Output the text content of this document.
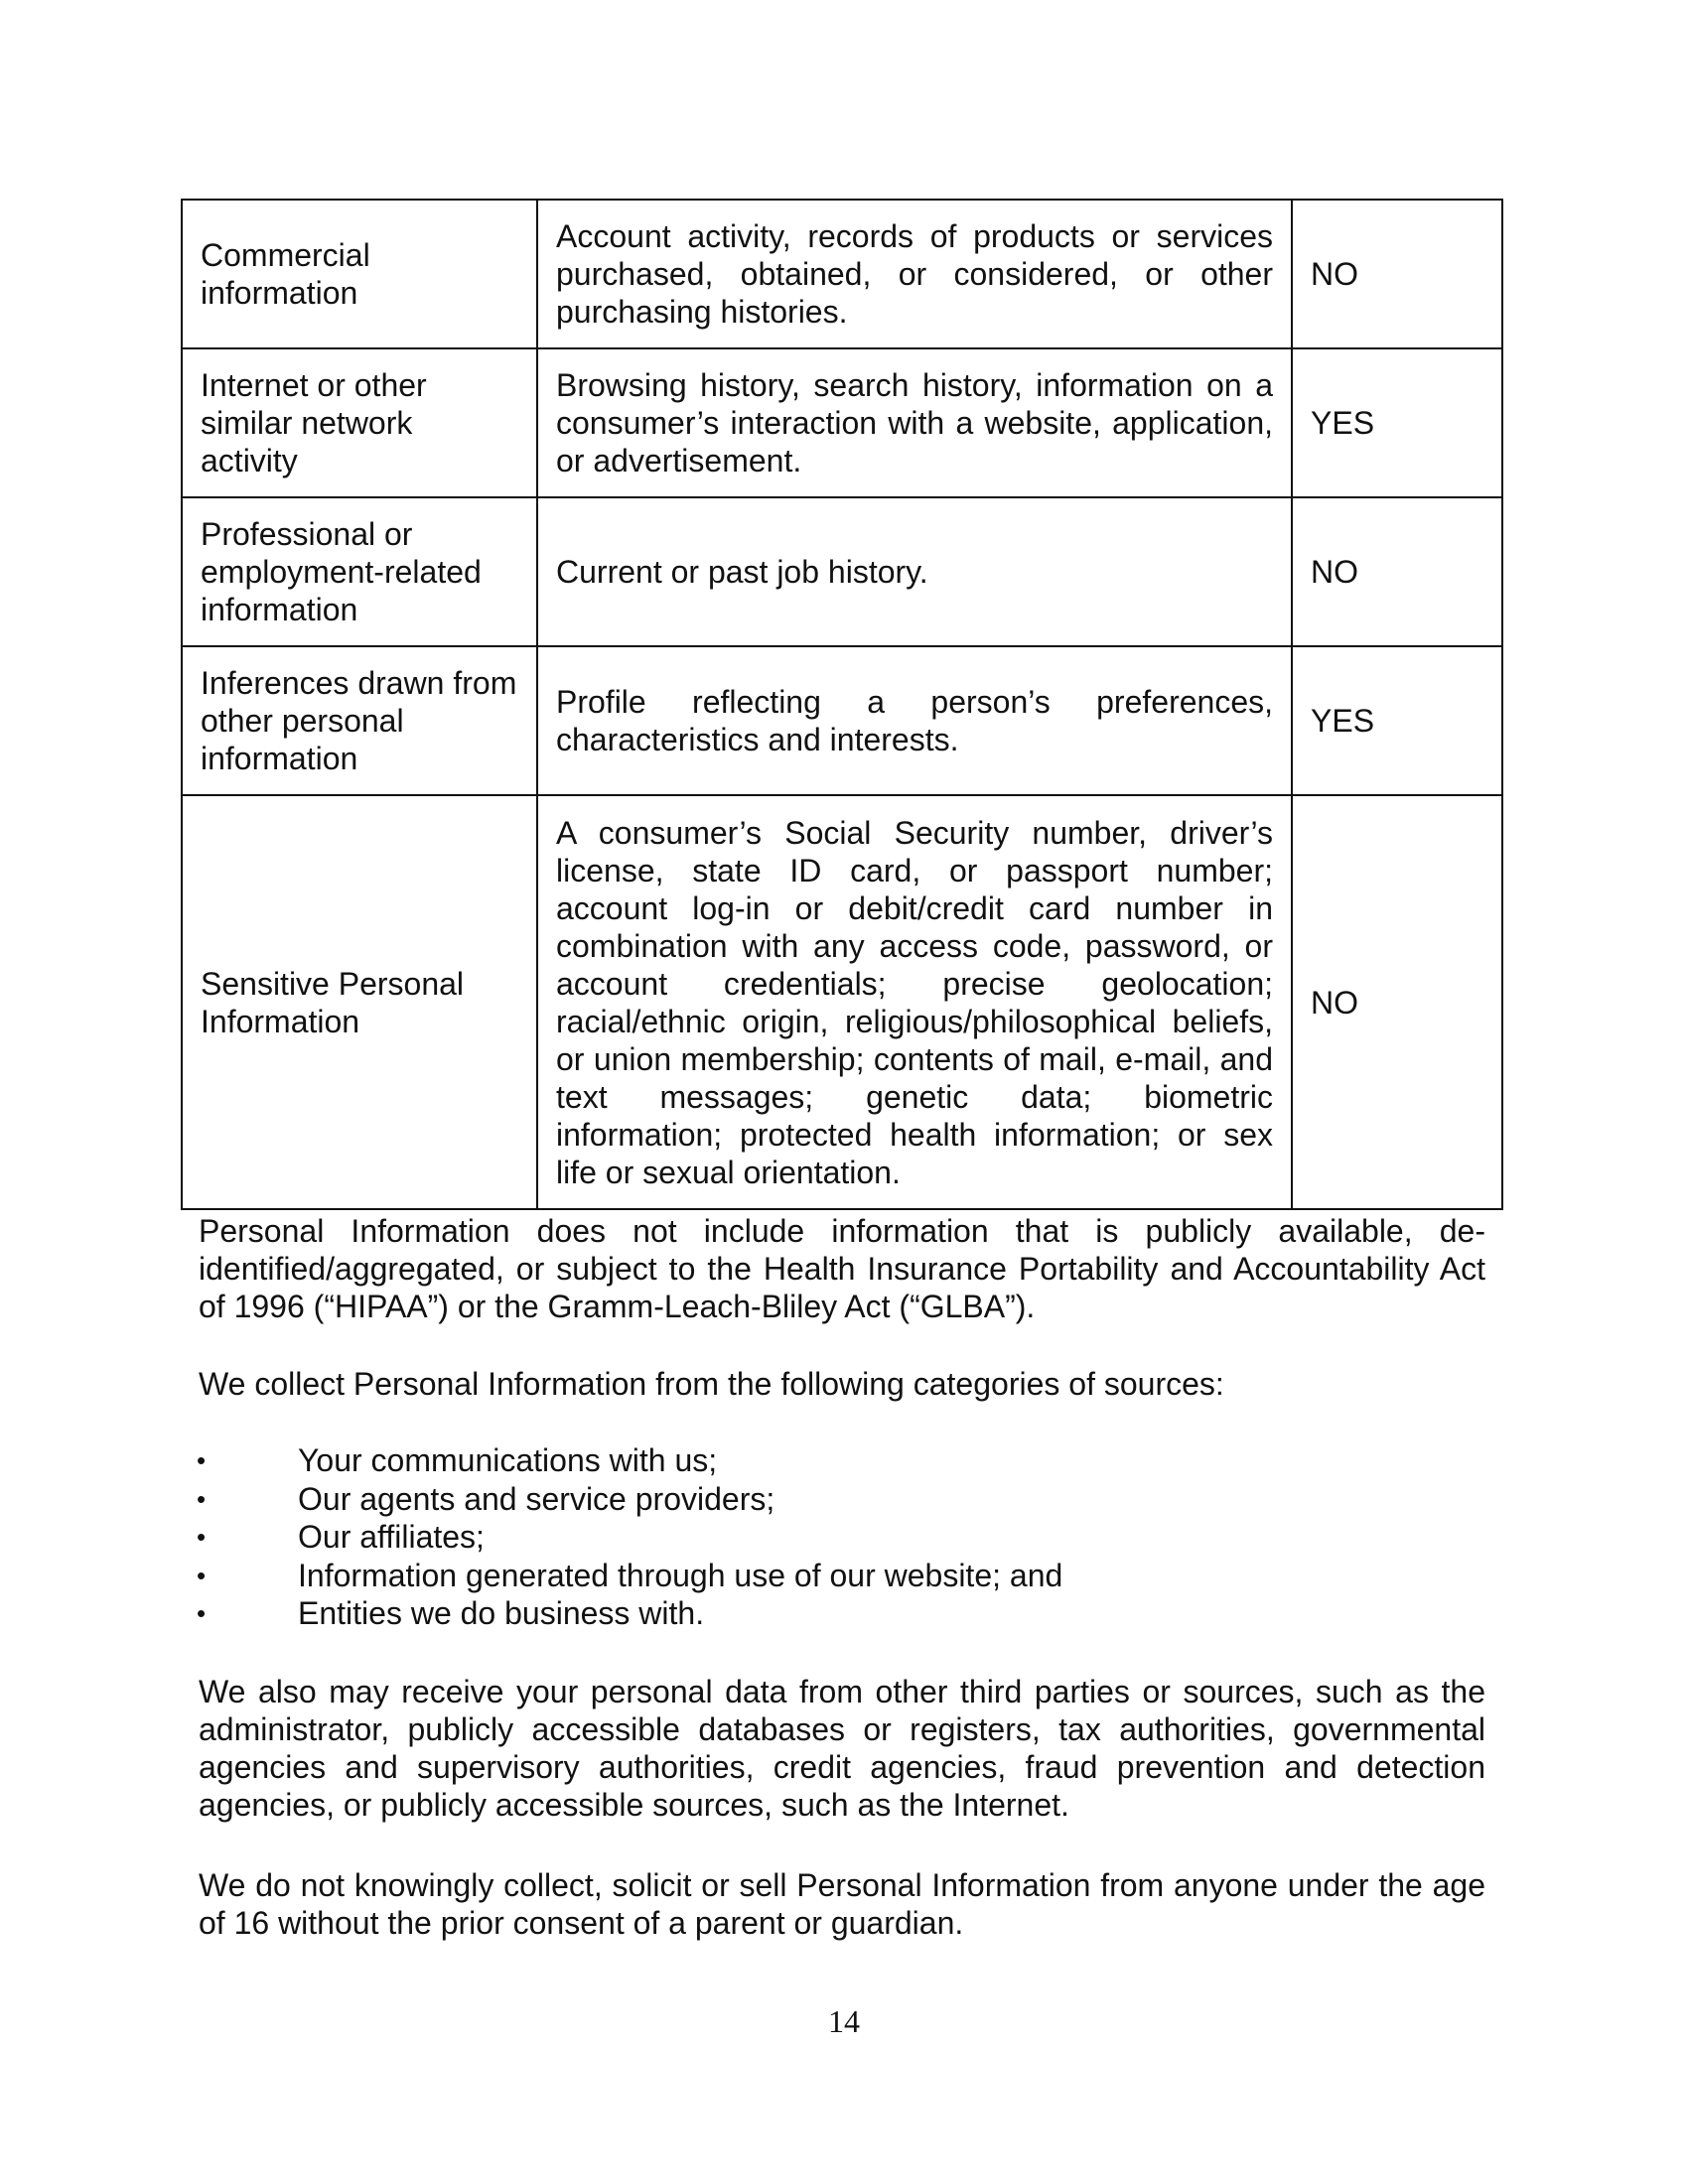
Commercial information	Account activity, records of products or services purchased, obtained, or considered, or other purchasing histories.	NO
Internet or other similar network activity	Browsing history, search history, information on a consumer’s interaction with a website, application, or advertisement.	YES
Professional or employment-related information	Current or past job history.	NO
Inferences drawn from other personal information	Profile reflecting a person’s preferences, characteristics and interests.	YES
Sensitive Personal Information	A consumer’s Social Security number, driver’s license, state ID card, or passport number; account log-in or debit/credit card number in combination with any access code, password, or account credentials; precise geolocation; racial/ethnic origin, religious/philosophical beliefs, or union membership; contents of mail, e-mail, and text messages; genetic data; biometric information; protected health information; or sex life or sexual orientation.	NO

Personal Information does not include information that is publicly available, de-identified/aggregated, or subject to the Health Insurance Portability and Accountability Act of 1996 (“HIPAA”) or the Gramm-Leach-Bliley Act (“GLBA”).

We collect Personal Information from the following categories of sources:

•	Your communications with us;
•	Our agents and service providers;
•	Our affiliates;
•	Information generated through use of our website; and
•	Entities we do business with.

We also may receive your personal data from other third parties or sources, such as the administrator, publicly accessible databases or registers, tax authorities, governmental agencies and supervisory authorities, credit agencies, fraud prevention and detection agencies, or publicly accessible sources, such as the Internet.

We do not knowingly collect, solicit or sell Personal Information from anyone under the age of 16 without the prior consent of a parent or guardian.

14
